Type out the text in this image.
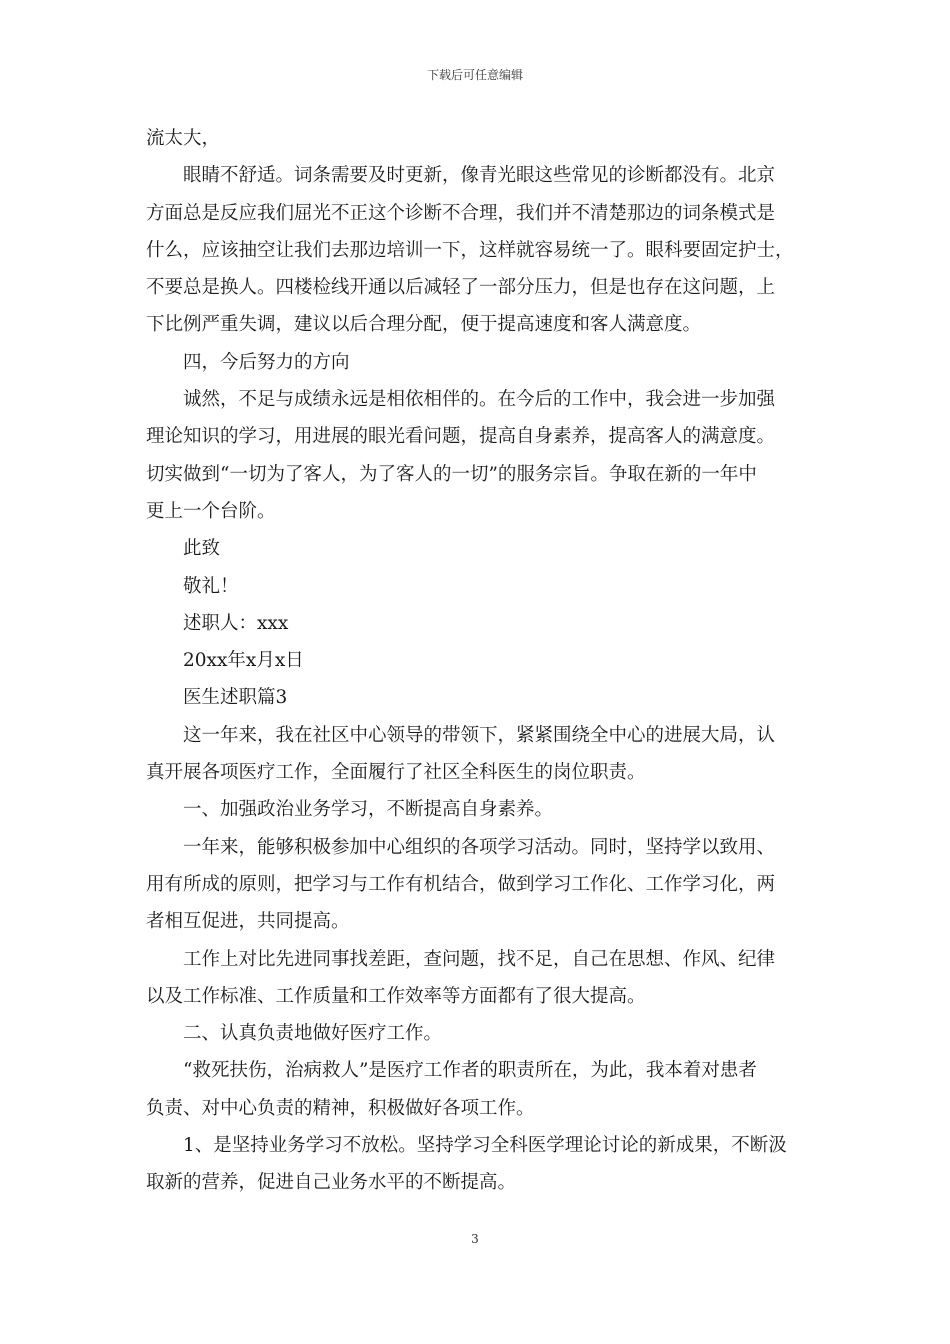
下载后可任意编辑
流太大，
眼睛不舒适。词条需要及时更新，像青光眼这些常见的诊断都没有。北京
方面总是反应我们屈光不正这个诊断不合理，我们并不清楚那边的词条模式是
什么，应该抽空让我们去那边培训一下，这样就容易统一了。眼科要固定护士，
不要总是换人。四楼检线开通以后减轻了一部分压力，但是也存在这问题，上
下比例严重失调，建议以后合理分配，便于提高速度和客人满意度。
四，今后努力的方向
诚然，不足与成绩永远是相依相伴的。在今后的工作中，我会进一步加强
理论知识的学习，用进展的眼光看问题，提高自身素养，提高客人的满意度。
切实做到“一切为了客人，为了客人的一切”的服务宗旨。争取在新的一年中
更上一个台阶。
此致
敬礼！
述职人：xxx
20xx年x月x日
医生述职篇3
这一年来，我在社区中心领导的带领下，紧紧围绕全中心的进展大局，认
真开展各项医疗工作，全面履行了社区全科医生的岗位职责。
一、加强政治业务学习，不断提高自身素养。
一年来，能够积极参加中心组织的各项学习活动。同时，坚持学以致用、
用有所成的原则，把学习与工作有机结合，做到学习工作化、工作学习化，两
者相互促进，共同提高。
工作上对比先进同事找差距，查问题，找不足，自己在思想、作风、纪律
以及工作标准、工作质量和工作效率等方面都有了很大提高。
二、认真负责地做好医疗工作。
“救死扶伤，治病救人”是医疗工作者的职责所在，为此，我本着对患者
负责、对中心负责的精神，积极做好各项工作。
1、是坚持业务学习不放松。坚持学习全科医学理论讨论的新成果，不断汲
取新的营养，促进自己业务水平的不断提高。
3
